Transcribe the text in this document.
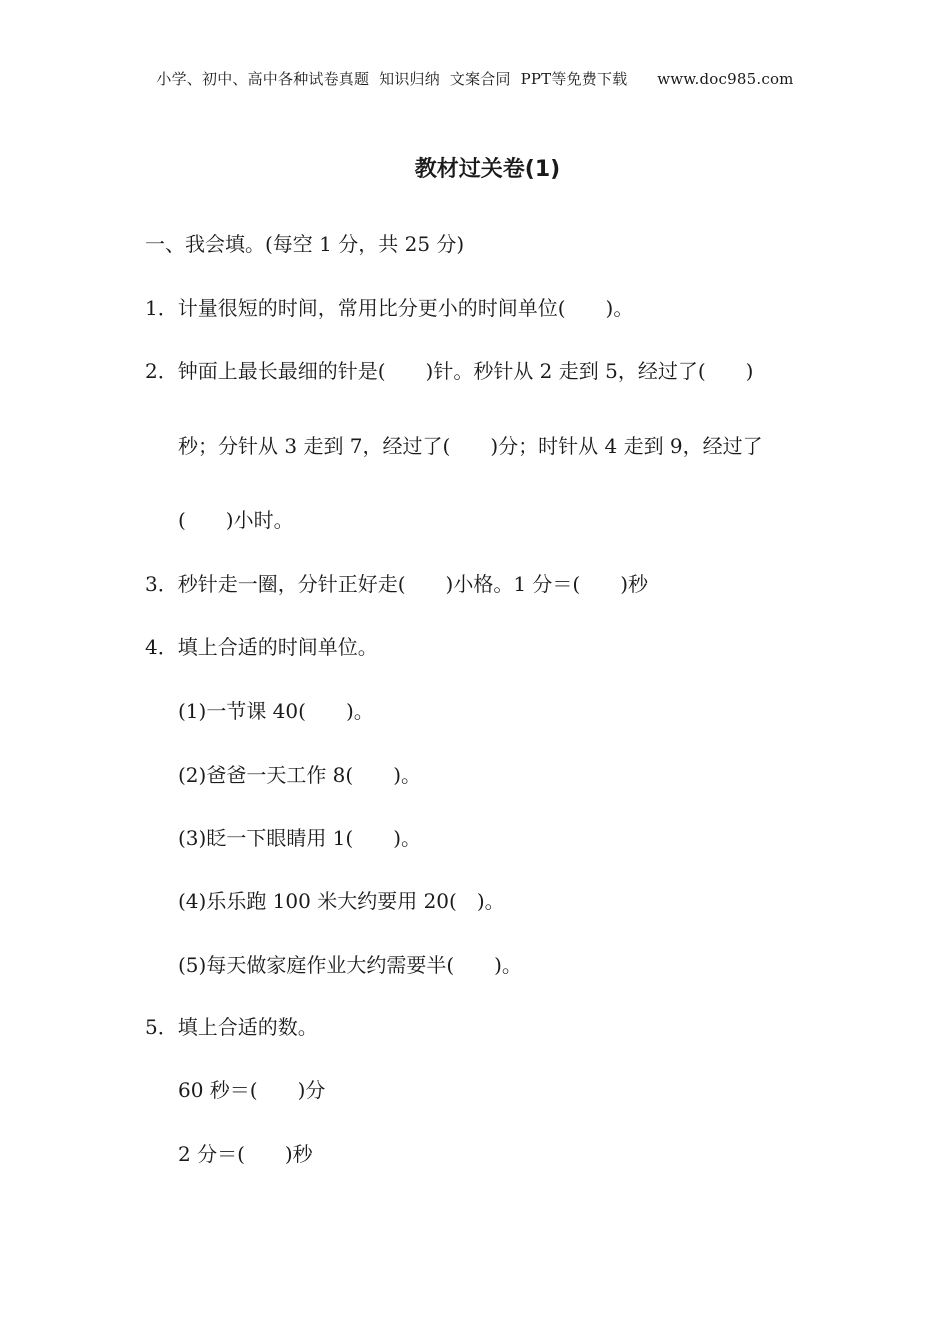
小学、初中、高中各种试卷真题  知识归纳  文案合同  PPT等免费下载      www.doc985.com
教材过关卷(1)
一、我会填。(每空 1 分，共 25 分)
1．计量很短的时间，常用比分更小的时间单位(　　)。
2．钟面上最长最细的针是(　　)针。秒针从 2 走到 5，经过了(　　)
秒；分针从 3 走到 7，经过了(　　)分；时针从 4 走到 9，经过了
(　　)小时。
3．秒针走一圈，分针正好走(　　)小格。1 分＝(　　)秒
4．填上合适的时间单位。
(1)一节课 40(　　)。
(2)爸爸一天工作 8(　　)。
(3)眨一下眼睛用 1(　　)。
(4)乐乐跑 100 米大约要用 20(　)。
(5)每天做家庭作业大约需要半(　　)。
5．填上合适的数。
60 秒＝(　　)分
2 分＝(　　)秒
